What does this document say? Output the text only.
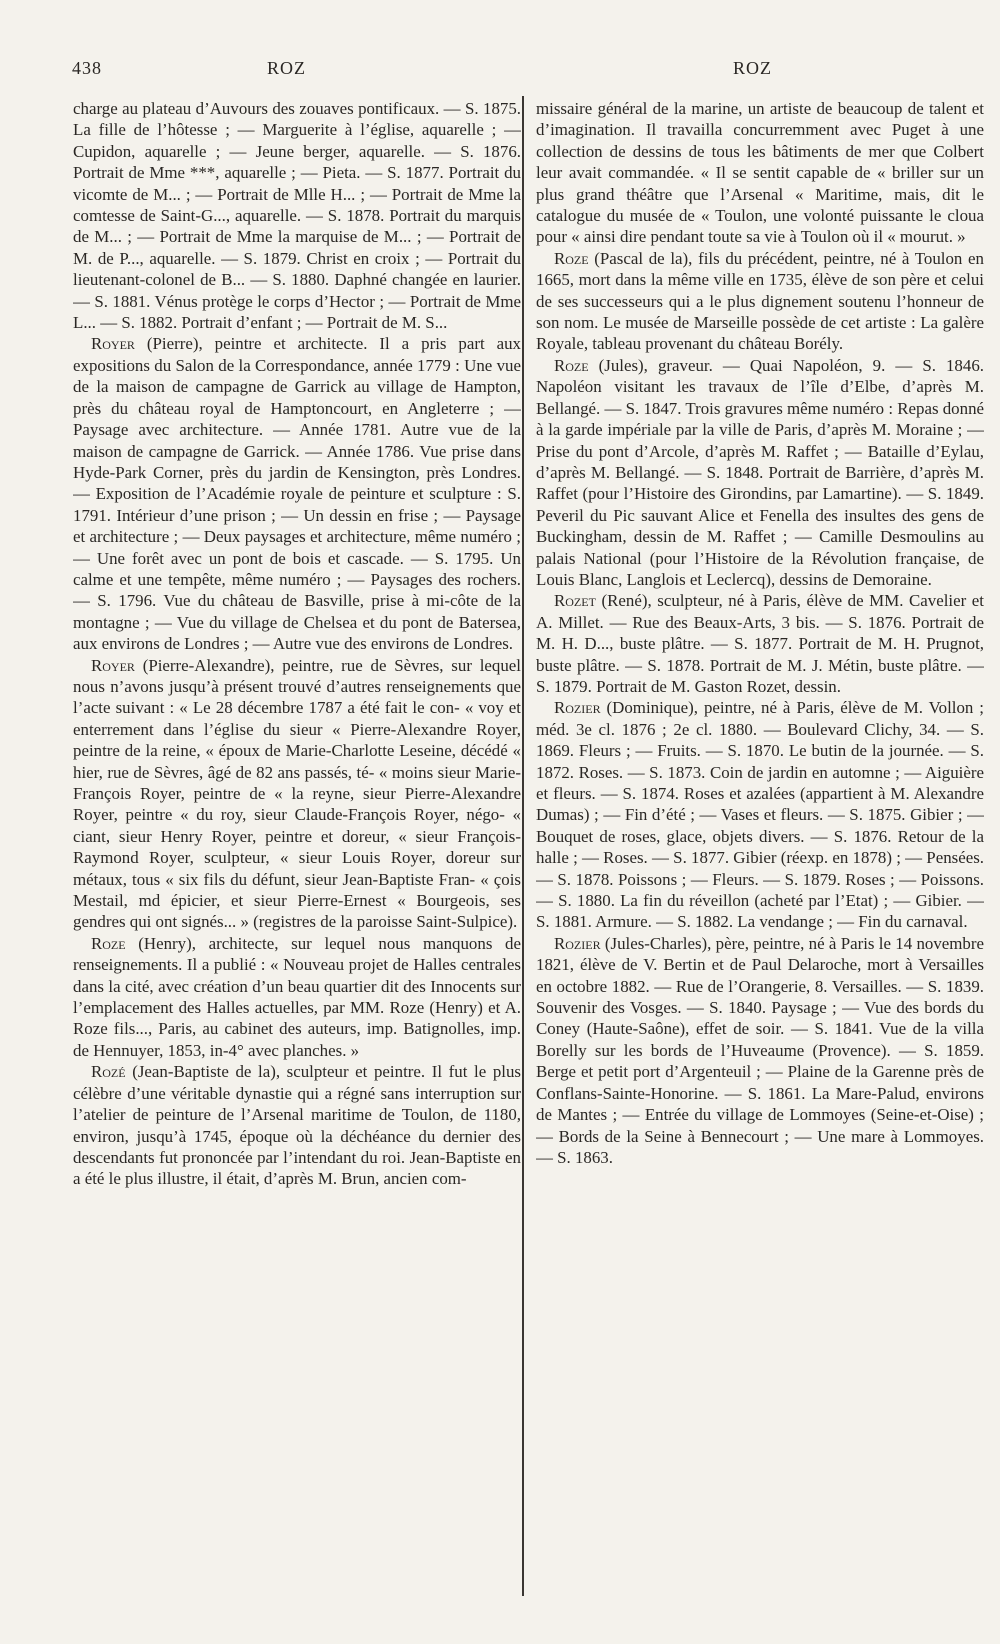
438	ROZ	ROZ

charge au plateau d’Auvours des zouaves pontificaux. — S. 1875. La fille de l’hôtesse ; — Marguerite à l’église, aquarelle ; — Cupidon, aquarelle ; — Jeune berger, aquarelle. — S. 1876. Portrait de Mme ***, aquarelle ; — Pieta. — S. 1877. Portrait du vicomte de M... ; — Portrait de Mlle H... ; — Portrait de Mme la comtesse de Saint-G..., aquarelle. — S. 1878. Portrait du marquis de M... ; — Portrait de Mme la marquise de M... ; — Portrait de M. de P..., aquarelle. — S. 1879. Christ en croix ; — Portrait du lieutenant-colonel de B... — S. 1880. Daphné changée en laurier. — S. 1881. Vénus protège le corps d’Hector ; — Portrait de Mme L... — S. 1882. Portrait d’enfant ; — Portrait de M. S...

Royer (Pierre), peintre et architecte. Il a pris part aux expositions du Salon de la Correspondance, année 1779 : Une vue de la maison de campagne de Garrick au village de Hampton, près du château royal de Hamptoncourt, en Angleterre ; — Paysage avec architecture. — Année 1781. Autre vue de la maison de campagne de Garrick. — Année 1786. Vue prise dans Hyde-Park Corner, près du jardin de Kensington, près Londres. — Exposition de l’Académie royale de peinture et sculpture : S. 1791. Intérieur d’une prison ; — Un dessin en frise ; — Paysage et architecture ; — Deux paysages et architecture, même numéro ; — Une forêt avec un pont de bois et cascade. — S. 1795. Un calme et une tempête, même numéro ; — Paysages des rochers. — S. 1796. Vue du château de Basville, prise à mi-côte de la montagne ; — Vue du village de Chelsea et du pont de Batersea, aux environs de Londres ; — Autre vue des environs de Londres.

Royer (Pierre-Alexandre), peintre, rue de Sèvres, sur lequel nous n’avons jusqu’à présent trouvé d’autres renseignements que l’acte suivant : « Le 28 décembre 1787 a été fait le con- « voy et enterrement dans l’église du sieur « Pierre-Alexandre Royer, peintre de la reine, « époux de Marie-Charlotte Leseine, décédé « hier, rue de Sèvres, âgé de 82 ans passés, té- « moins sieur Marie-François Royer, peintre de « la reyne, sieur Pierre-Alexandre Royer, peintre « du roy, sieur Claude-François Royer, négo- « ciant, sieur Henry Royer, peintre et doreur, « sieur François-Raymond Royer, sculpteur, « sieur Louis Royer, doreur sur métaux, tous « six fils du défunt, sieur Jean-Baptiste Fran- « çois Mestail, md épicier, et sieur Pierre-Ernest « Bourgeois, ses gendres qui ont signés... » (registres de la paroisse Saint-Sulpice).

Roze (Henry), architecte, sur lequel nous manquons de renseignements. Il a publié : « Nouveau projet de Halles centrales dans la cité, avec création d’un beau quartier dit des Innocents sur l’emplacement des Halles actuelles, par MM. Roze (Henry) et A. Roze fils..., Paris, au cabinet des auteurs, imp. Batignolles, imp. de Hennuyer, 1853, in-4° avec planches. »

Rozé (Jean-Baptiste de la), sculpteur et peintre. Il fut le plus célèbre d’une véritable dynastie qui a régné sans interruption sur l’atelier de peinture de l’Arsenal maritime de Toulon, de 1180, environ, jusqu’à 1745, époque où la déchéance du dernier des descendants fut prononcée par l’intendant du roi. Jean-Baptiste en a été le plus illustre, il était, d’après M. Brun, ancien com-

missaire général de la marine, un artiste de beaucoup de talent et d’imagination. Il travailla concurremment avec Puget à une collection de dessins de tous les bâtiments de mer que Colbert leur avait commandée. « Il se sentit capable de « briller sur un plus grand théâtre que l’Arsenal « Maritime, mais, dit le catalogue du musée de « Toulon, une volonté puissante le cloua pour « ainsi dire pendant toute sa vie à Toulon où il « mourut. »

Roze (Pascal de la), fils du précédent, peintre, né à Toulon en 1665, mort dans la même ville en 1735, élève de son père et celui de ses successeurs qui a le plus dignement soutenu l’honneur de son nom. Le musée de Marseille possède de cet artiste : La galère Royale, tableau provenant du château Borély.

Roze (Jules), graveur. — Quai Napoléon, 9. — S. 1846. Napoléon visitant les travaux de l’île d’Elbe, d’après M. Bellangé. — S. 1847. Trois gravures même numéro : Repas donné à la garde impériale par la ville de Paris, d’après M. Moraine ; — Prise du pont d’Arcole, d’après M. Raffet ; — Bataille d’Eylau, d’après M. Bellangé. — S. 1848. Portrait de Barrière, d’après M. Raffet (pour l’Histoire des Girondins, par Lamartine). — S. 1849. Peveril du Pic sauvant Alice et Fenella des insultes des gens de Buckingham, dessin de M. Raffet ; — Camille Desmoulins au palais National (pour l’Histoire de la Révolution française, de Louis Blanc, Langlois et Leclercq), dessins de Demoraine.

Rozet (René), sculpteur, né à Paris, élève de MM. Cavelier et A. Millet. — Rue des Beaux-Arts, 3 bis. — S. 1876. Portrait de M. H. D..., buste plâtre. — S. 1877. Portrait de M. H. Prugnot, buste plâtre. — S. 1878. Portrait de M. J. Métin, buste plâtre. — S. 1879. Portrait de M. Gaston Rozet, dessin.

Rozier (Dominique), peintre, né à Paris, élève de M. Vollon ; méd. 3e cl. 1876 ; 2e cl. 1880. — Boulevard Clichy, 34. — S. 1869. Fleurs ; — Fruits. — S. 1870. Le butin de la journée. — S. 1872. Roses. — S. 1873. Coin de jardin en automne ; — Aiguière et fleurs. — S. 1874. Roses et azalées (appartient à M. Alexandre Dumas) ; — Fin d’été ; — Vases et fleurs. — S. 1875. Gibier ; — Bouquet de roses, glace, objets divers. — S. 1876. Retour de la halle ; — Roses. — S. 1877. Gibier (réexp. en 1878) ; — Pensées. — S. 1878. Poissons ; — Fleurs. — S. 1879. Roses ; — Poissons. — S. 1880. La fin du réveillon (acheté par l’Etat) ; — Gibier. — S. 1881. Armure. — S. 1882. La vendange ; — Fin du carnaval.

Rozier (Jules-Charles), père, peintre, né à Paris le 14 novembre 1821, élève de V. Bertin et de Paul Delaroche, mort à Versailles en octobre 1882. — Rue de l’Orangerie, 8. Versailles. — S. 1839. Souvenir des Vosges. — S. 1840. Paysage ; — Vue des bords du Coney (Haute-Saône), effet de soir. — S. 1841. Vue de la villa Borelly sur les bords de l’Huveaume (Provence). — S. 1859. Berge et petit port d’Argenteuil ; — Plaine de la Garenne près de Conflans-Sainte-Honorine. — S. 1861. La Mare-Palud, environs de Mantes ; — Entrée du village de Lommoyes (Seine-et-Oise) ; — Bords de la Seine à Bennecourt ; — Une mare à Lommoyes. — S. 1863.
